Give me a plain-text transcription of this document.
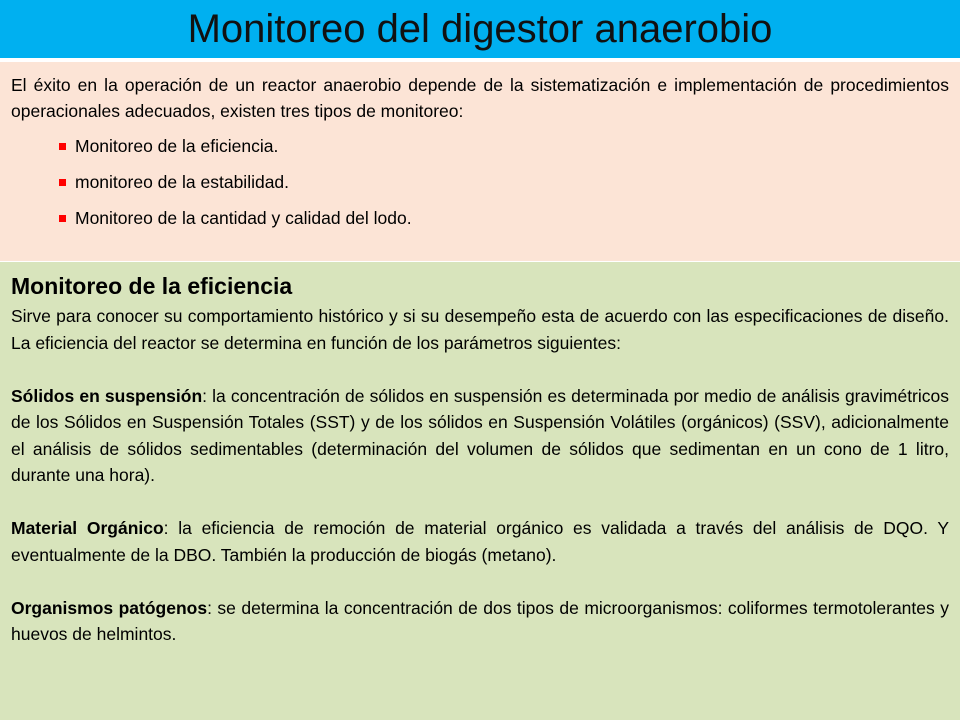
Monitoreo del digestor anaerobio

El éxito en la operación de un reactor anaerobio depende de la sistematización e implementación de procedimientos operacionales adecuados, existen tres tipos de monitoreo:

Monitoreo de la eficiencia.
monitoreo de la estabilidad.
Monitoreo de la cantidad y calidad del lodo.
Monitoreo de la eficiencia

Sirve para conocer su comportamiento histórico y si su desempeño esta de acuerdo con las especificaciones de diseño. La eficiencia del reactor se determina en función de los parámetros siguientes:

Sólidos en suspensión: la concentración de sólidos en suspensión es determinada por medio de análisis gravimétricos de los Sólidos en Suspensión Totales (SST) y de los sólidos en Suspensión Volátiles (orgánicos) (SSV), adicionalmente el análisis de sólidos sedimentables (determinación del volumen de sólidos que sedimentan en un cono de 1 litro, durante una hora).

Material Orgánico: la eficiencia de remoción de material orgánico es validada a través del análisis de DQO. Y eventualmente de la DBO. También la producción de biogás (metano).

Organismos patógenos: se determina la concentración de dos tipos de microorganismos: coliformes termotolerantes y huevos de helmintos.
